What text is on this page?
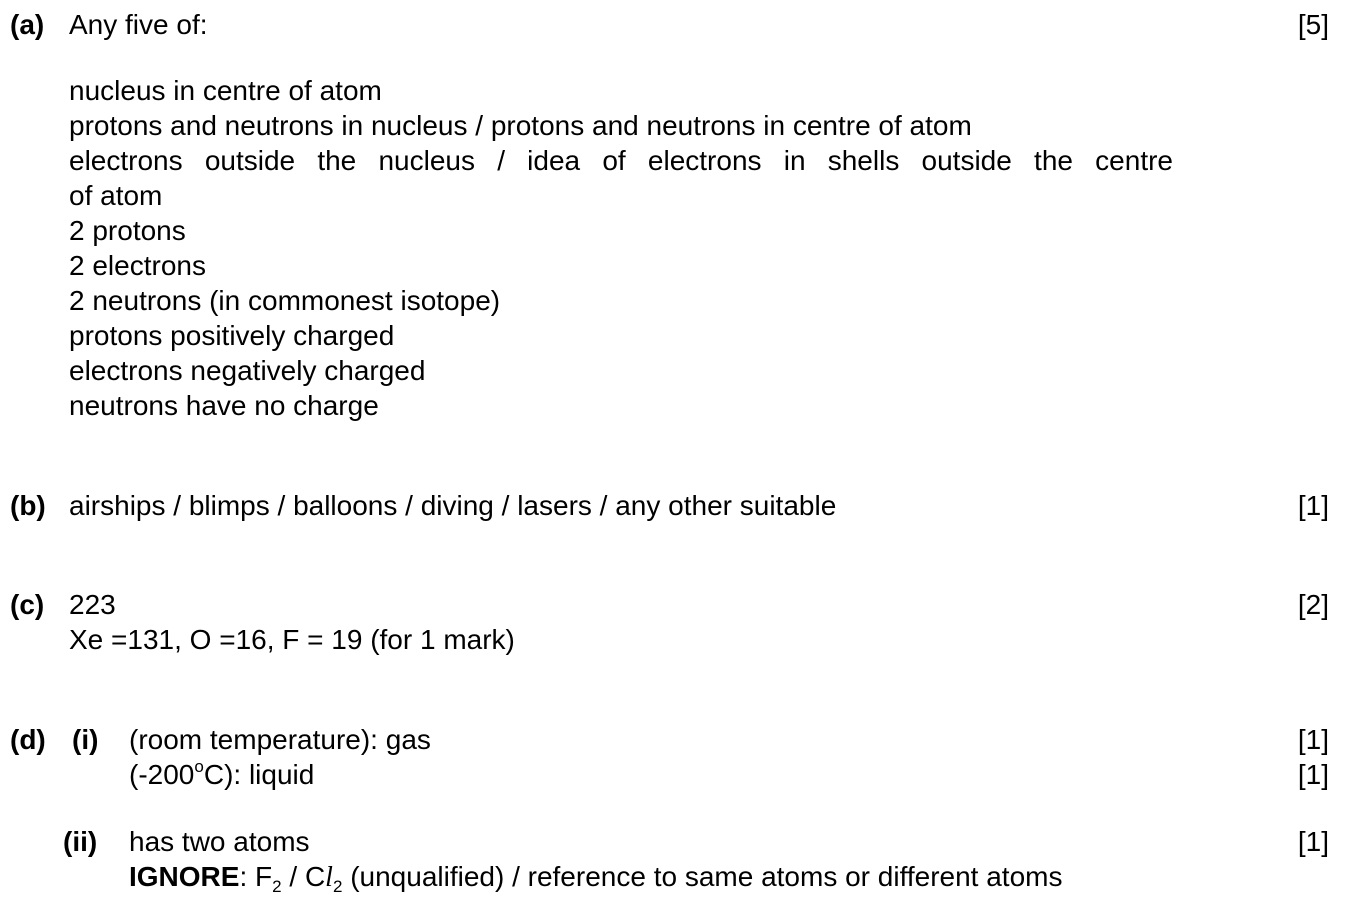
(a) Any five of:	[5]
nucleus in centre of atom
protons and neutrons in nucleus / protons and neutrons in centre of atom
electrons outside the nucleus / idea of electrons in shells outside the centre
of atom
2 protons
2 electrons
2 neutrons (in commonest isotope)
protons positively charged
electrons negatively charged
neutrons have no charge
(b) airships / blimps / balloons / diving / lasers / any other suitable	[1]
(c) 223	[2]
Xe =131, O =16, F = 19 (for 1 mark)
(d) (i) (room temperature): gas	[1]
(-200$^o$C): liquid	[1]
(ii) has two atoms	[1]
IGNORE: $F_2 / Cl_2$ (unqualified) / reference to same atoms or different atoms
